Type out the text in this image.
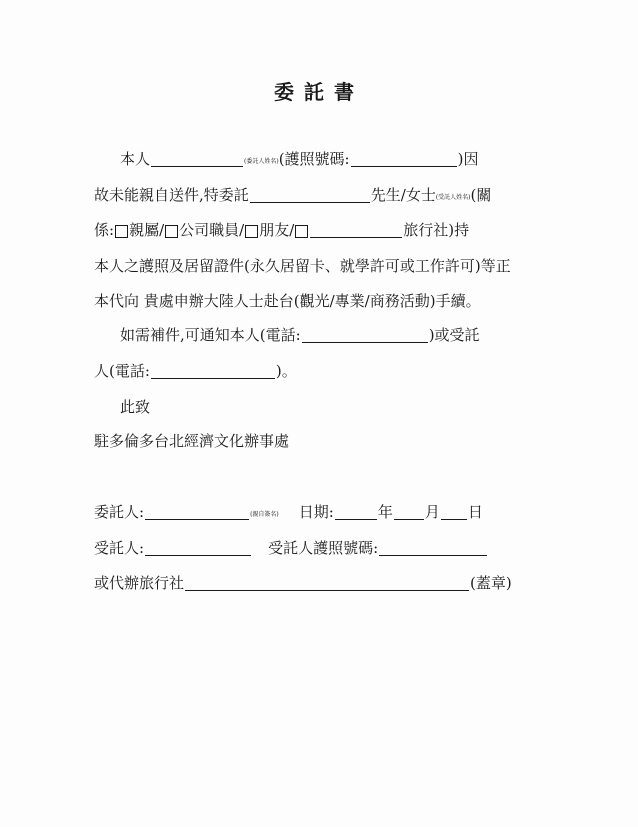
委託書
本人	(委託人姓名) (護照號碼:	)因
故未能親自送件,特委託	先生/女士 (受託人姓名) (關
係: 親屬/ 公司職員/ 朋友/	旅行社)持
本人之護照及居留證件(永久居留卡、就學許可或工作許可)等正
本代向 貴處申辦大陸人士赴台(觀光/專業/商務活動)手續。
如需補件,可通知本人(電話:	)或受託
人(電話:	)。
此致
駐多倫多台北經濟文化辦事處
委託人:	(親自簽名) 日期:	年 月 日
受託人:	受託人護照號碼:
或代辦旅行社	(蓋章)
